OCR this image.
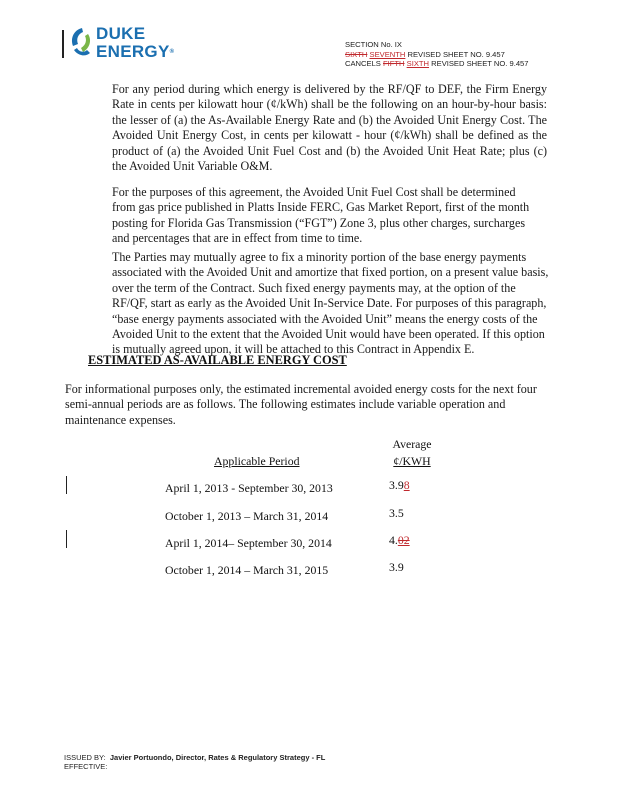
DUKE
ENERGY®
SECTION No. IX
SIXTH SEVENTH REVISED SHEET NO. 9.457
CANCELS FIFTH SIXTH REVISED SHEET NO. 9.457
For any period during which energy is delivered by the RF/QF to DEF, the Firm Energy Rate in cents per kilowatt hour (¢/kWh) shall be the following on an hour-by-hour basis: the lesser of (a) the As-Available Energy Rate and (b) the Avoided Unit Energy Cost. The Avoided Unit Energy Cost, in cents per kilowatt - hour (¢/kWh) shall be defined as the product of (a) the Avoided Unit Fuel Cost and (b) the Avoided Unit Heat Rate; plus (c) the Avoided Unit Variable O&M.
For the purposes of this agreement, the Avoided Unit Fuel Cost shall be determined from gas price published in Platts Inside FERC, Gas Market Report, first of the month posting for Florida Gas Transmission (“FGT”) Zone 3, plus other charges, surcharges and percentages that are in effect from time to time.
The Parties may mutually agree to fix a minority portion of the base energy payments associated with the Avoided Unit and amortize that fixed portion, on a present value basis, over the term of the Contract. Such fixed energy payments may, at the option of the RF/QF, start as early as the Avoided Unit In-Service Date. For purposes of this paragraph, “base energy payments associated with the Avoided Unit” means the energy costs of the Avoided Unit to the extent that the Avoided Unit would have been operated. If this option is mutually agreed upon, it will be attached to this Contract in Appendix E.
ESTIMATED AS-AVAILABLE ENERGY COST
For informational purposes only, the estimated incremental avoided energy costs for the next four semi-annual periods are as follows. The following estimates include variable operation and maintenance expenses.
Average
¢/KWH
Applicable Period
April 1, 2013 - September 30, 2013	3.98
October 1, 2013 – March 31, 2014	3.5
April 1, 2014– September 30, 2014	4.02
October 1, 2014 – March 31, 2015	3.9
ISSUED BY: Javier Portuondo, Director, Rates & Regulatory Strategy - FL
EFFECTIVE:
